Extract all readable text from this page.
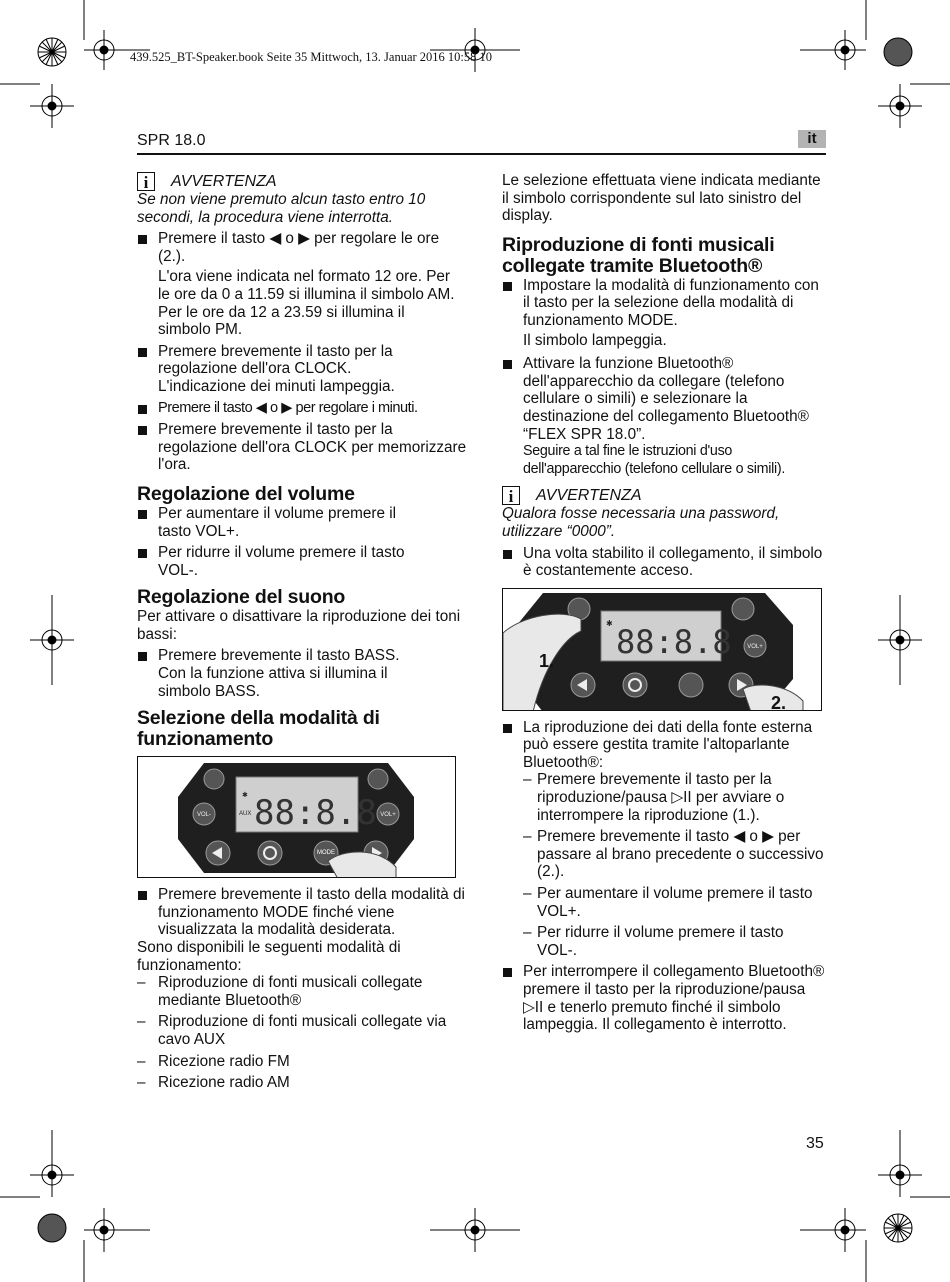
439.525_BT-Speaker.book Seite 35 Mittwoch, 13. Januar 2016 10:58 10
SPR 18.0	it
i	AVVERTENZA

Se non viene premuto alcun tasto entro 10 secondi, la procedura viene interrotta.

Premere il tasto ◀ o ▶ per regolare le ore (2.).

L'ora viene indicata nel formato 12 ore. Per le ore da 0 a 11.59 si illumina il simbolo AM. Per le ore da 12 a 23.59 si illumina il simbolo PM.

Premere brevemente il tasto per la regolazione dell'ora CLOCK.

L'indicazione dei minuti lampeggia.

Premere il tasto ◀ o ▶ per regolare i minuti.

Premere brevemente il tasto per la regolazione dell'ora CLOCK per memorizzare l'ora.

Regolazione del volume

Per aumentare il volume premere il tasto VOL+.

Per ridurre il volume premere il tasto VOL-.

Regolazione del suono

Per attivare o disattivare la riproduzione dei toni bassi:

Premere brevemente il tasto BASS.

Con la funzione attiva si illumina il simbolo BASS.

Selezione della modalità di funzionamento

✱
AUX
AM
FM
88:8.8
VOL-	VOL+
MODE

Premere brevemente il tasto della modalità di funzionamento MODE finché viene visualizzata la modalità desiderata.

Sono disponibili le seguenti modalità di funzionamento:

– Riproduzione di fonti musicali collegate mediante Bluetooth®

– Riproduzione di fonti musicali collegate via cavo AUX

– Ricezione radio FM

– Ricezione radio AM

Le selezione effettuata viene indicata mediante il simbolo corrispondente sul lato sinistro del display.

Riproduzione di fonti musicali collegate tramite Bluetooth®

Impostare la modalità di funzionamento con il tasto per la selezione della modalità di funzionamento MODE.

Il simbolo lampeggia.

Attivare la funzione Bluetooth® dell'apparecchio da collegare (telefono cellulare o simili) e selezionare la destinazione del collegamento Bluetooth® “FLEX SPR 18.0”.

Seguire a tal fine le istruzioni d'uso dell'apparecchio (telefono cellulare o simili).

i	AVVERTENZA

Qualora fosse necessaria una password, utilizzare “0000”.

Una volta stabilito il collegamento, il simbolo è costantemente acceso.

✱ 88:8.8	VOL+
1.
2.

La riproduzione dei dati della fonte esterna può essere gestita tramite l'altoparlante Bluetooth®:

– Premere brevemente il tasto per la riproduzione/pausa ▷II per avviare o interrompere la riproduzione (1.).

– Premere brevemente il tasto ◀ o ▶ per passare al brano precedente o successivo (2.).

– Per aumentare il volume premere il tasto VOL+.

– Per ridurre il volume premere il tasto VOL-.

Per interrompere il collegamento Bluetooth® premere il tasto per la riproduzione/pausa ▷II e tenerlo premuto finché il simbolo lampeggia. Il collegamento è interrotto.

35
